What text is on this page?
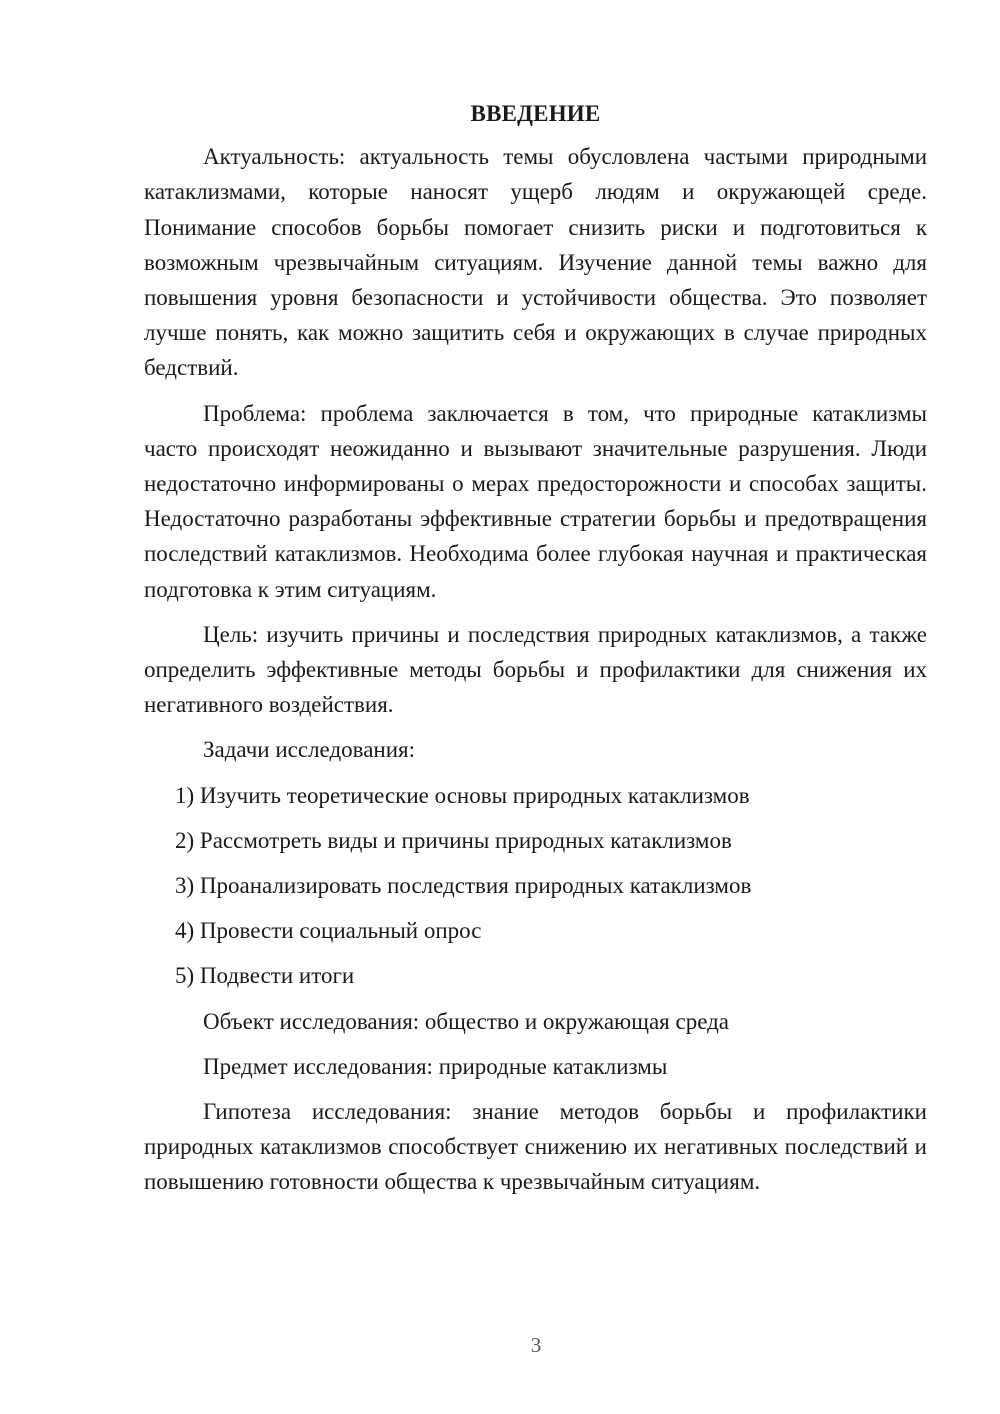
ВВЕДЕНИЕ

Актуальность: актуальность темы обусловлена частыми природными катаклизмами, которые наносят ущерб людям и окружающей среде. Понимание способов борьбы помогает снизить риски и подготовиться к возможным чрезвычайным ситуациям. Изучение данной темы важно для повышения уровня безопасности и устойчивости общества. Это позволяет лучше понять, как можно защитить себя и окружающих в случае природных бедствий.

Проблема: проблема заключается в том, что природные катаклизмы часто происходят неожиданно и вызывают значительные разрушения. Люди недостаточно информированы о мерах предосторожности и способах защиты. Недостаточно разработаны эффективные стратегии борьбы и предотвращения последствий катаклизмов. Необходима более глубокая научная и практическая подготовка к этим ситуациям.

Цель: изучить причины и последствия природных катаклизмов, а также определить эффективные методы борьбы и профилактики для снижения их негативного воздействия.

Задачи исследования:

1) Изучить теоретические основы природных катаклизмов

2) Рассмотреть виды и причины природных катаклизмов

3) Проанализировать последствия природных катаклизмов

4) Провести социальный опрос

5) Подвести итоги

Объект исследования: общество и окружающая среда

Предмет исследования: природные катаклизмы

Гипотеза исследования: знание методов борьбы и профилактики природных катаклизмов способствует снижению их негативных последствий и повышению готовности общества к чрезвычайным ситуациям.

3
